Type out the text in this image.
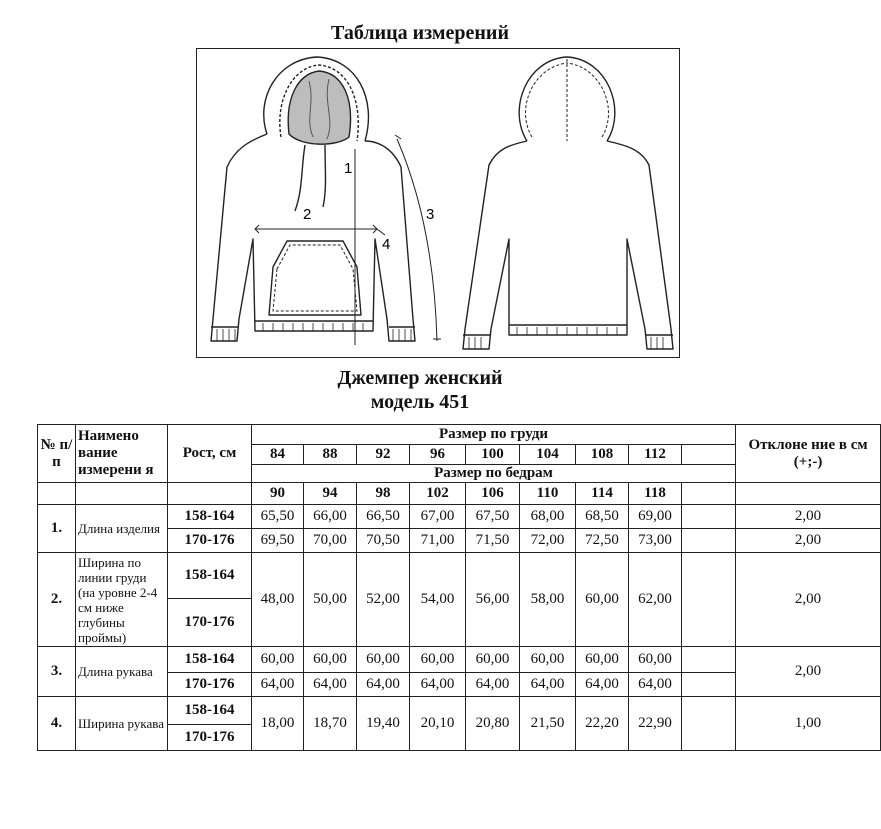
Таблица измерений
1
2	3
4
Джемпер женский
модель 451
№ п/ п	Наимено вание измерени я	Рост, см	Размер по груди									Отклоне ние в см (+;-)
			84	88	92	96	100	104	108	112		
			Размер по бедрам									
			90	94	98	102	106	110	114	118		
1.	Длина изделия	158-164	65,50	66,00	66,50	67,00	67,50	68,00	68,50	69,00		2,00
		170-176	69,50	70,00	70,50	71,00	71,50	72,00	72,50	73,00		2,00
2.	Ширина по линии груди (на уровне 2-4 см ниже глубины проймы)	158-164	48,00	50,00	52,00	54,00	56,00	58,00	60,00	62,00		2,00
		170-176										
3.	Длина рукава	158-164	60,00	60,00	60,00	60,00	60,00	60,00	60,00	60,00		2,00
		170-176	64,00	64,00	64,00	64,00	64,00	64,00	64,00	64,00		
4.	Ширина рукава	158-164	18,00	18,70	19,40	20,10	20,80	21,50	22,20	22,90		1,00
		170-176										
